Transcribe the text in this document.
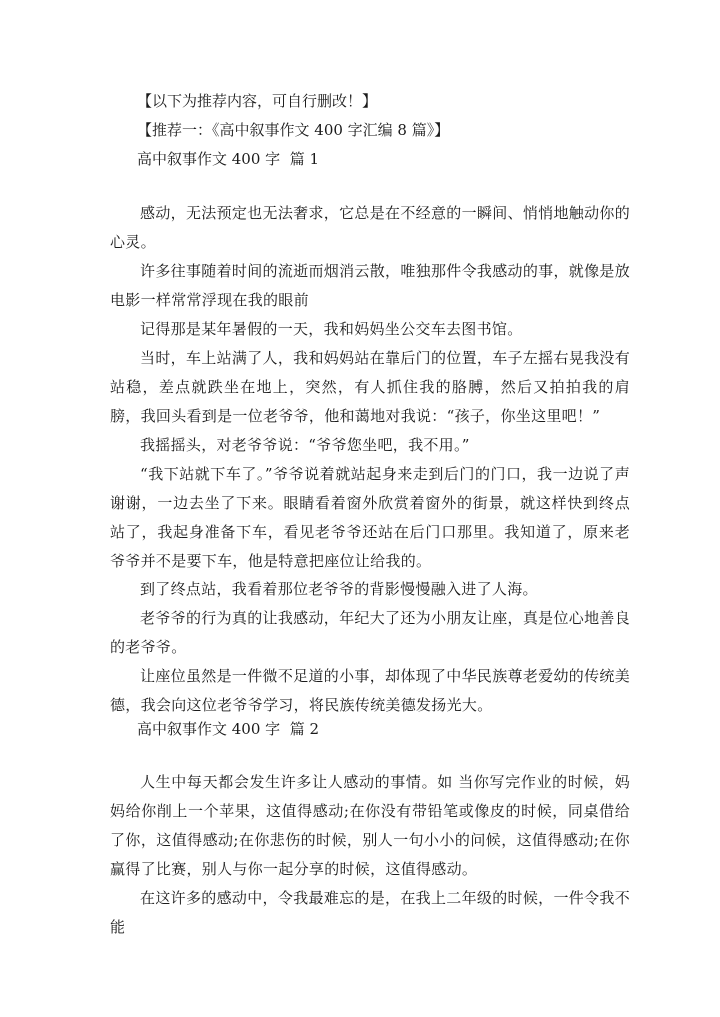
【以下为推荐内容，可自行删改！】
【推荐一：《高中叙事作文 400 字汇编 8 篇》】
高中叙事作文 400 字  篇 1
感动，无法预定也无法奢求，它总是在不经意的一瞬间、悄悄地触动你的心灵。
许多往事随着时间的流逝而烟消云散，唯独那件令我感动的事，就像是放电影一样常常浮现在我的眼前
记得那是某年暑假的一天，我和妈妈坐公交车去图书馆。
当时，车上站满了人，我和妈妈站在靠后门的位置，车子左摇右晃我没有站稳，差点就跌坐在地上，突然，有人抓住我的胳膊，然后又拍拍我的肩膀，我回头看到是一位老爷爷，他和蔼地对我说：“孩子，你坐这里吧！”
我摇摇头，对老爷爷说：“爷爷您坐吧，我不用。”
“我下站就下车了。”爷爷说着就站起身来走到后门的门口，我一边说了声谢谢，一边去坐了下来。眼睛看着窗外欣赏着窗外的街景，就这样快到终点站了，我起身准备下车，看见老爷爷还站在后门口那里。我知道了，原来老爷爷并不是要下车，他是特意把座位让给我的。
到了终点站，我看着那位老爷爷的背影慢慢融入进了人海。
老爷爷的行为真的让我感动，年纪大了还为小朋友让座，真是位心地善良的老爷爷。
让座位虽然是一件微不足道的小事，却体现了中华民族尊老爱幼的传统美德，我会向这位老爷爷学习，将民族传统美德发扬光大。
高中叙事作文 400 字  篇 2
人生中每天都会发生许多让人感动的事情。如 当你写完作业的时候，妈妈给你削上一个苹果，这值得感动;在你没有带铅笔或像皮的时候，同桌借给了你，这值得感动;在你悲伤的时候，别人一句小小的问候，这值得感动;在你赢得了比赛，别人与你一起分享的时候，这值得感动。
在这许多的感动中，令我最难忘的是，在我上二年级的时候，一件令我不能
